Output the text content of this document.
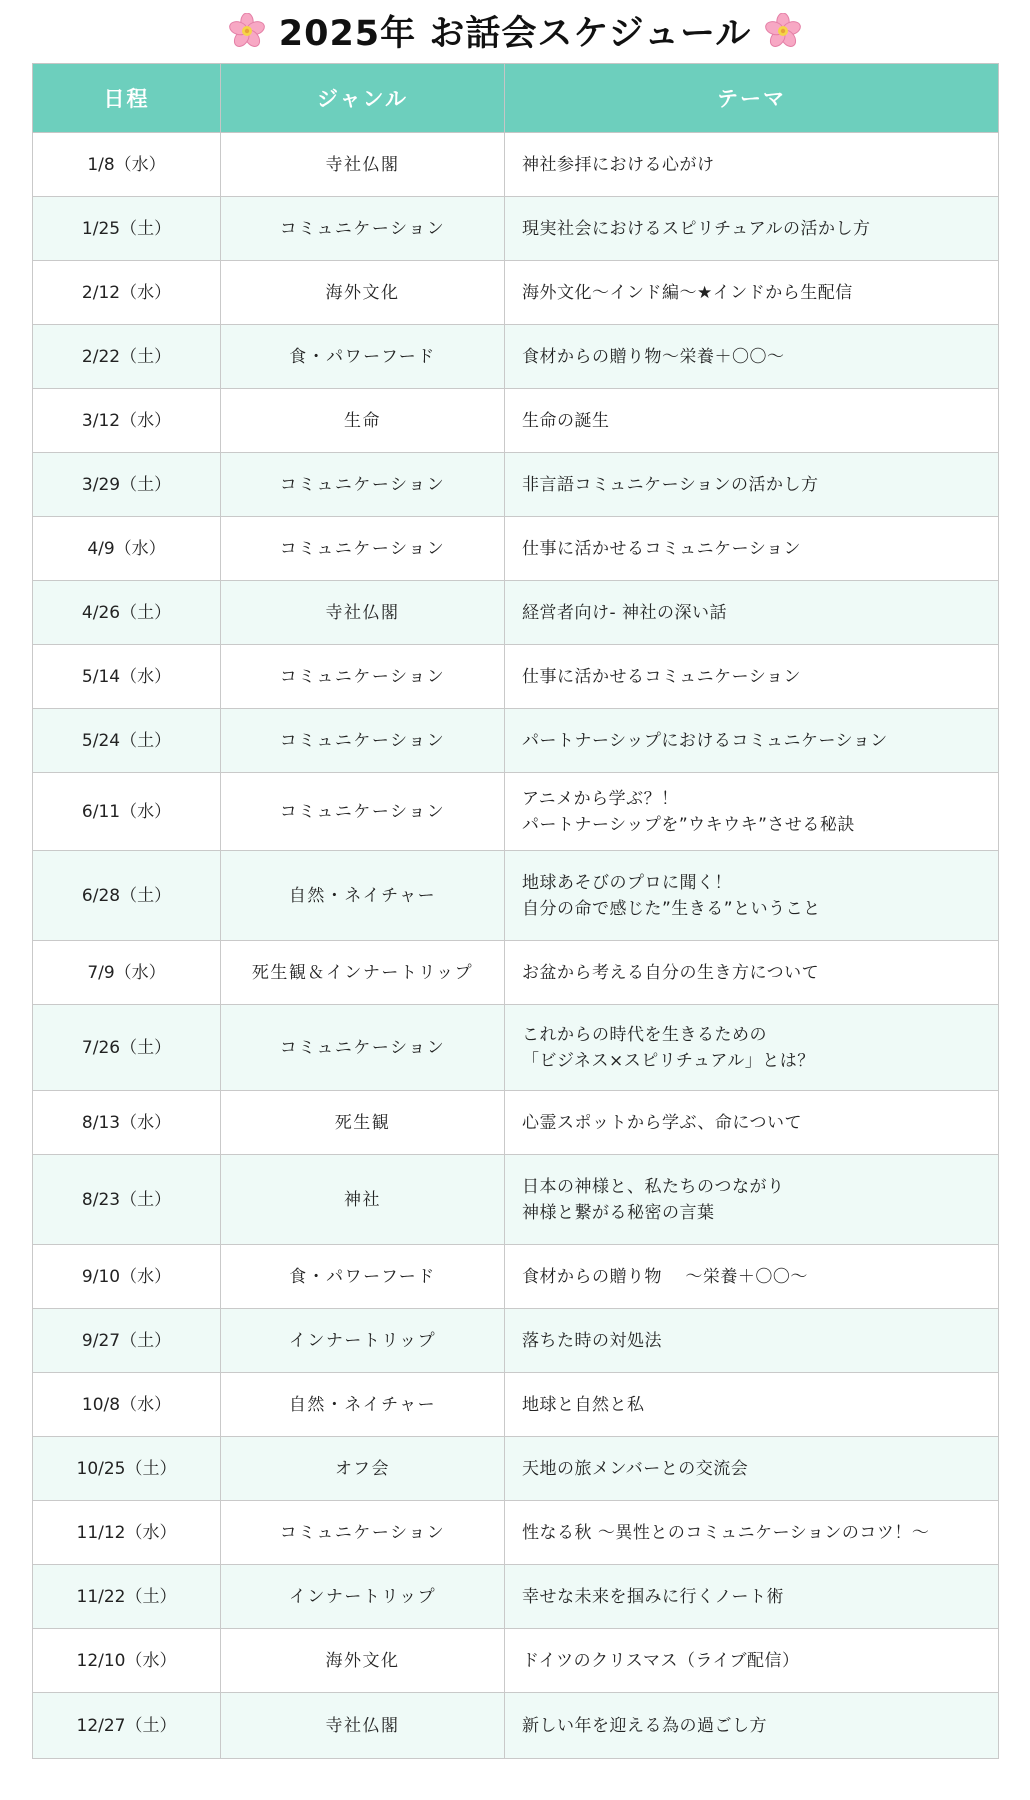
2025年 お話会スケジュール
日程	ジャンル	テーマ
1/8（水）	寺社仏閣	神社参拝における心がけ
1/25（土）	コミュニケーション	現実社会におけるスピリチュアルの活かし方
2/12（水）	海外文化	海外文化〜インド編〜★インドから生配信
2/22（土）	食・パワーフード	食材からの贈り物〜栄養＋〇〇〜
3/12（水）	生命	生命の誕生
3/29（土）	コミュニケーション	非言語コミュニケーションの活かし方
4/9（水）	コミュニケーション	仕事に活かせるコミュニケーション
4/26（土）	寺社仏閣	経営者向け- 神社の深い話
5/14（水）	コミュニケーション	仕事に活かせるコミュニケーション
5/24（土）	コミュニケーション	パートナーシップにおけるコミュニケーション
6/11（水）	コミュニケーション	アニメから学ぶ？！
パートナーシップを”ウキウキ”させる秘訣
6/28（土）	自然・ネイチャー	地球あそびのプロに聞く！
自分の命で感じた”生きる”ということ
7/9（水）	死生観＆インナートリップ	お盆から考える自分の生き方について
7/26（土）	コミュニケーション	これからの時代を生きるための
「ビジネス×スピリチュアル」とは？
8/13（水）	死生観	心霊スポットから学ぶ、命について
8/23（土）	神社	日本の神様と、私たちのつながり
神様と繋がる秘密の言葉
9/10（水）	食・パワーフード	食材からの贈り物　 〜栄養＋〇〇〜
9/27（土）	インナートリップ	落ちた時の対処法
10/8（水）	自然・ネイチャー	地球と自然と私
10/25（土）	オフ会	天地の旅メンバーとの交流会
11/12（水）	コミュニケーション	性なる秋 〜異性とのコミュニケーションのコツ！〜
11/22（土）	インナートリップ	幸せな未来を掴みに行くノート術
12/10（水）	海外文化	ドイツのクリスマス（ライブ配信）
12/27（土）	寺社仏閣	新しい年を迎える為の過ごし方
